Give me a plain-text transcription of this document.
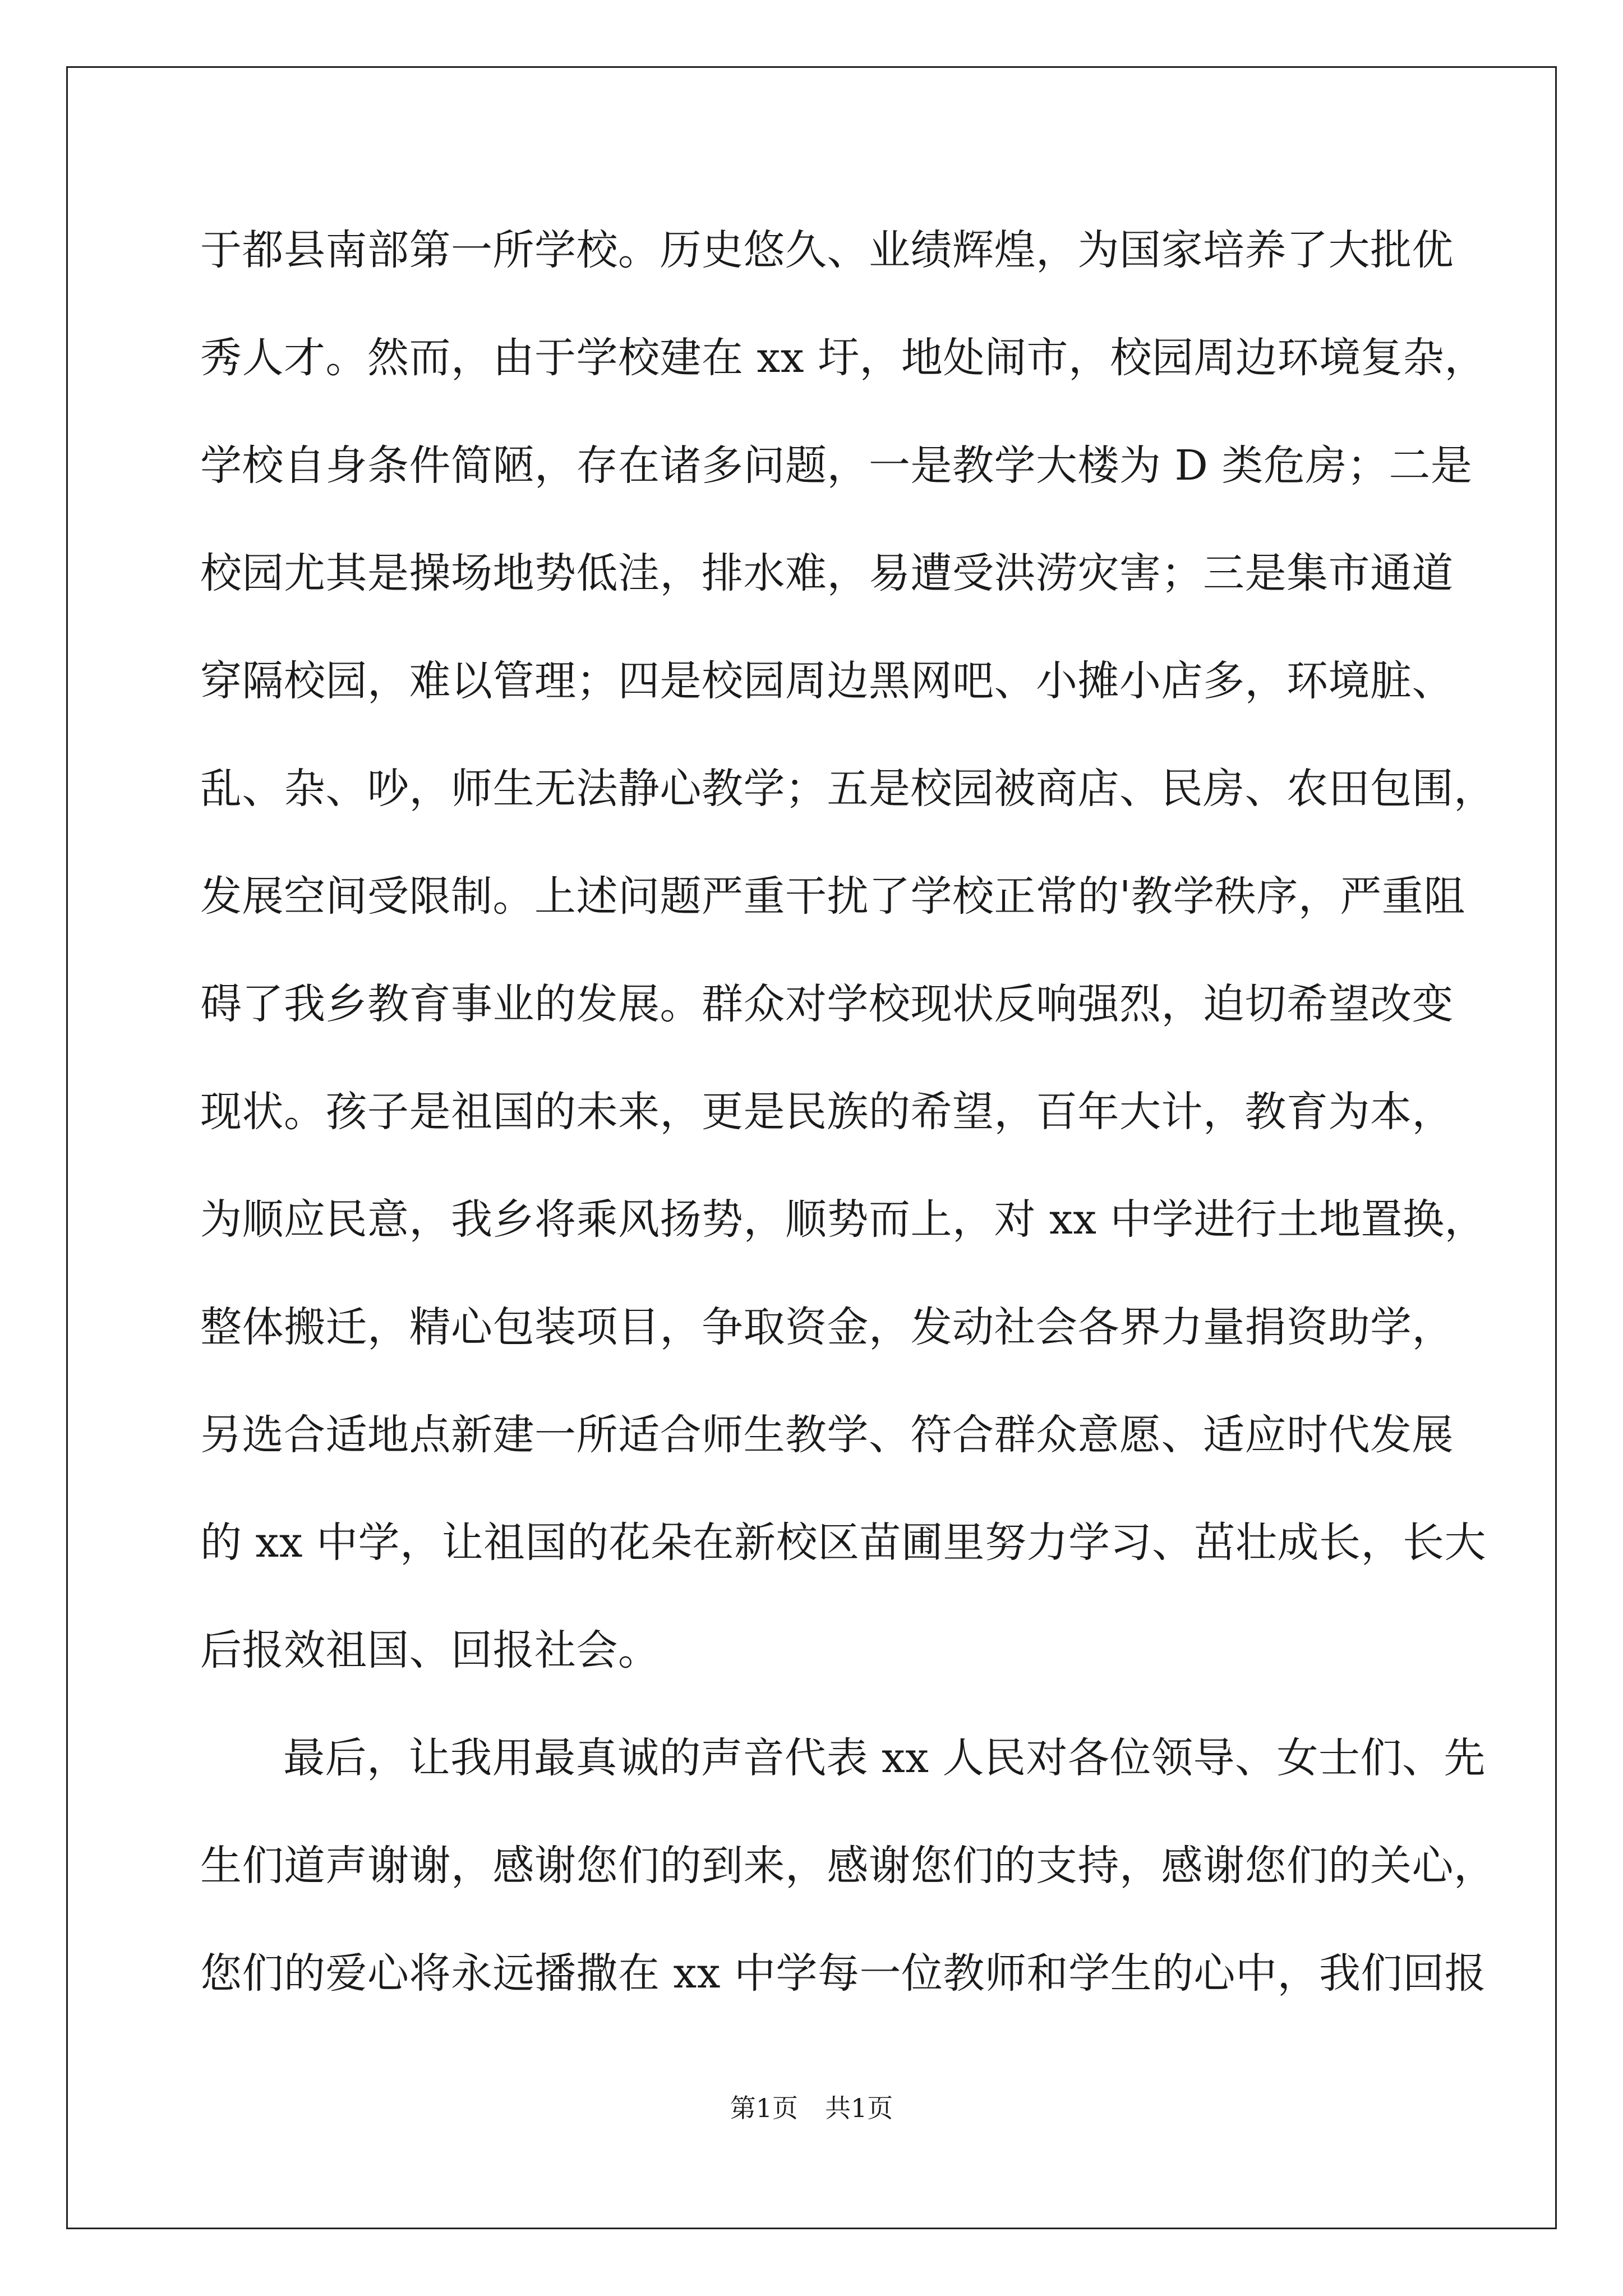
于都县南部第一所学校。历史悠久、业绩辉煌，为国家培养了大批优
秀人才。然而，由于学校建在 xx 圩，地处闹市，校园周边环境复杂，
学校自身条件简陋，存在诸多问题，一是教学大楼为 D 类危房；二是
校园尤其是操场地势低洼，排水难，易遭受洪涝灾害；三是集市通道
穿隔校园，难以管理；四是校园周边黑网吧、小摊小店多，环境脏、
乱、杂、吵，师生无法静心教学；五是校园被商店、民房、农田包围，
发展空间受限制。上述问题严重干扰了学校正常的'教学秩序，严重阻
碍了我乡教育事业的发展。群众对学校现状反响强烈，迫切希望改变
现状。孩子是祖国的未来，更是民族的希望，百年大计，教育为本，
为顺应民意，我乡将乘风扬势，顺势而上，对 xx 中学进行土地置换，
整体搬迁，精心包装项目，争取资金，发动社会各界力量捐资助学，
另选合适地点新建一所适合师生教学、符合群众意愿、适应时代发展
的 xx 中学，让祖国的花朵在新校区苗圃里努力学习、茁壮成长，长大
后报效祖国、回报社会。
最后，让我用最真诚的声音代表 xx 人民对各位领导、女士们、先
生们道声谢谢，感谢您们的到来，感谢您们的支持，感谢您们的关心，
您们的爱心将永远播撒在 xx 中学每一位教师和学生的心中，我们回报
第1页 共1页
